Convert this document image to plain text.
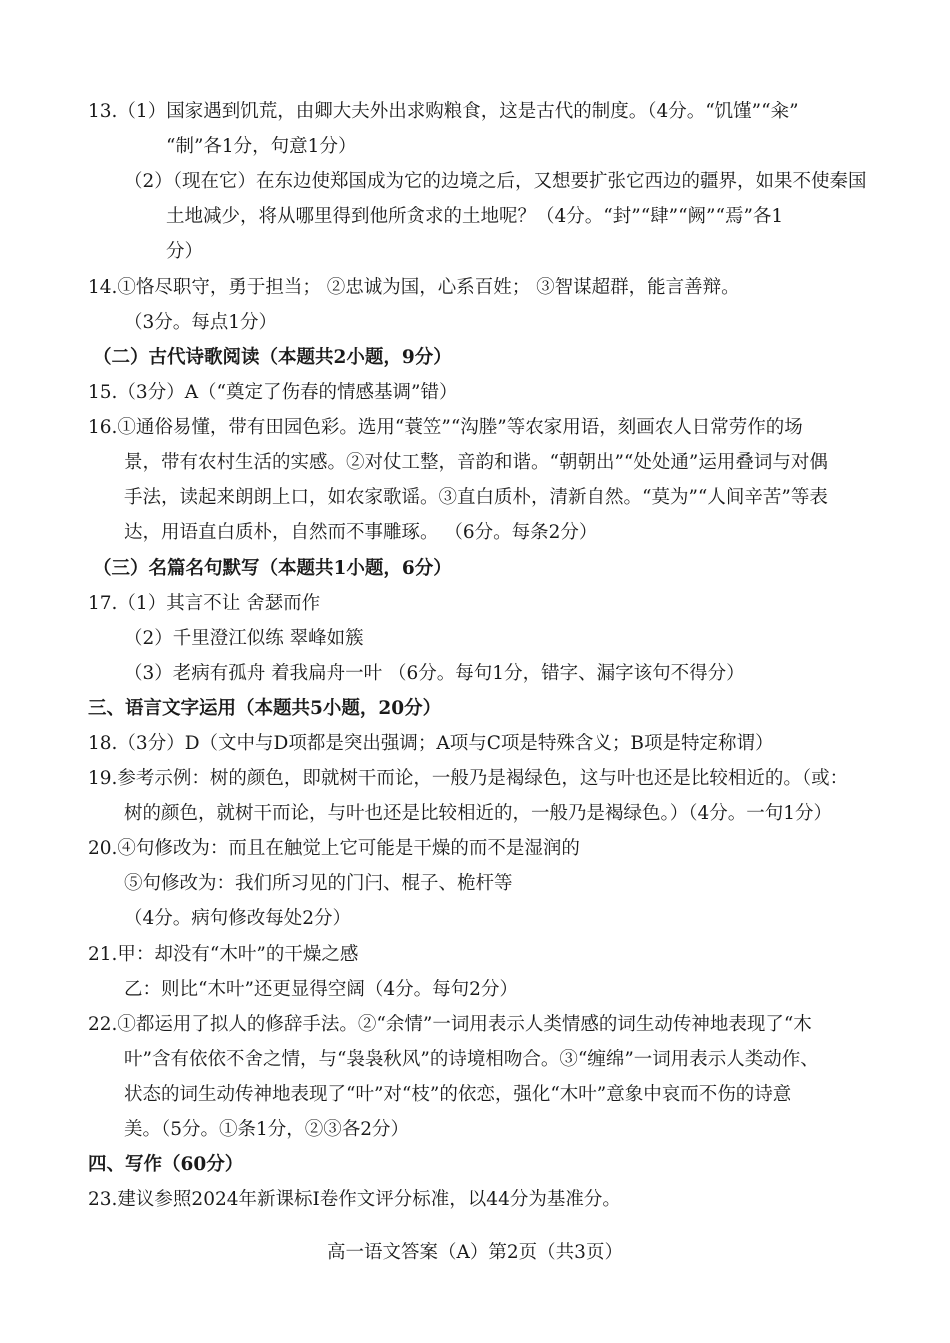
13.（1）国家遇到饥荒，由卿大夫外出求购粮食，这是古代的制度。（4分。“饥馑”“籴”
“制”各1分，句意1分）
（2）（现在它）在东边使郑国成为它的边境之后，又想要扩张它西边的疆界，如果不使秦国
土地减少，将从哪里得到他所贪求的土地呢？（4分。“封”“肆”“阙”“焉”各1
分）
14.①恪尽职守，勇于担当； ②忠诚为国，心系百姓； ③智谋超群，能言善辩。
（3分。每点1分）
（二）古代诗歌阅读（本题共2小题，9分）
15.（3分）A（“奠定了伤春的情感基调”错）
16.①通俗易懂，带有田园色彩。选用“蓑笠”“沟塍”等农家用语，刻画农人日常劳作的场
景，带有农村生活的实感。②对仗工整，音韵和谐。“朝朝出”“处处通”运用叠词与对偶
手法，读起来朗朗上口，如农家歌谣。③直白质朴，清新自然。“莫为”“人间辛苦”等表
达，用语直白质朴，自然而不事雕琢。 （6分。每条2分）
（三）名篇名句默写（本题共1小题，6分）
17.（1）其言不让 舍瑟而作
（2）千里澄江似练 翠峰如簇
（3）老病有孤舟 着我扁舟一叶 （6分。每句1分，错字、漏字该句不得分）
三、语言文字运用（本题共5小题，20分）
18.（3分）D（文中与D项都是突出强调；A项与C项是特殊含义；B项是特定称谓）
19.参考示例：树的颜色，即就树干而论，一般乃是褐绿色，这与叶也还是比较相近的。（或：
树的颜色，就树干而论，与叶也还是比较相近的，一般乃是褐绿色。）（4分。一句1分）
20.④句修改为：而且在触觉上它可能是干燥的而不是湿润的
⑤句修改为：我们所习见的门闩、棍子、桅杆等
（4分。病句修改每处2分）
21.甲：却没有“木叶”的干燥之感
乙：则比“木叶”还更显得空阔（4分。每句2分）
22.①都运用了拟人的修辞手法。②“余情”一词用表示人类情感的词生动传神地表现了“木
叶”含有依依不舍之情，与“袅袅秋风”的诗境相吻合。③“缠绵”一词用表示人类动作、
状态的词生动传神地表现了“叶”对“枝”的依恋，强化“木叶”意象中哀而不伤的诗意
美。（5分。①条1分，②③各2分）
四、写作（60分）
23.建议参照2024年新课标I卷作文评分标准，以44分为基准分。
高一语文答案（A）第2页（共3页）
